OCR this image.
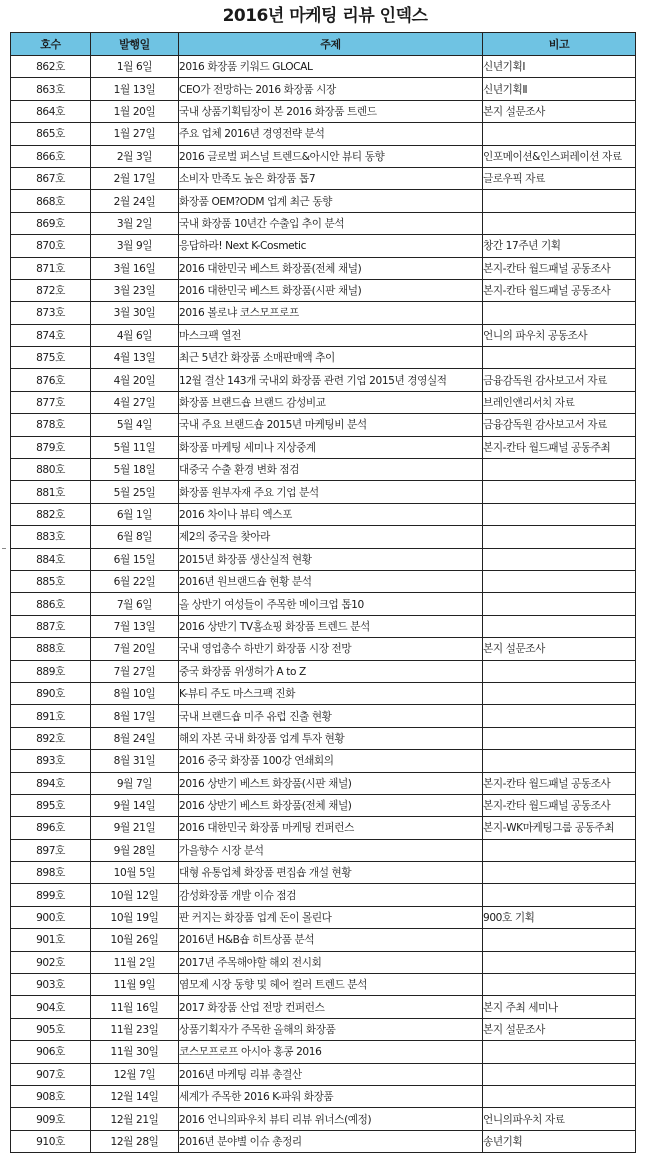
2016년 마케팅 리뷰 인덱스
호수	발행일	주제	비고
862호	1월 6일	2016 화장품 키워드 GLOCAL	신년기획Ⅰ
863호	1월 13일	CEO가 전망하는 2016 화장품 시장	신년기획Ⅱ
864호	1월 20일	국내 상품기획팀장이 본 2016 화장품 트렌드	본지 설문조사
865호	1월 27일	주요 업체 2016년 경영전략 분석	
866호	2월 3일	2016 글로벌 퍼스널 트렌드&아시안 뷰티 동향	인포메이션&인스퍼레이션 자료
867호	2월 17일	소비자 만족도 높은 화장품 톱7	글로우픽 자료
868호	2월 24일	화장품 OEM?ODM 업계 최근 동향	
869호	3월 2일	국내 화장품 10년간 수출입 추이 분석	
870호	3월 9일	응답하라! Next K-Cosmetic	창간 17주년 기획
871호	3월 16일	2016 대한민국 베스트 화장품(전체 채널)	본지-칸타 월드패널 공동조사
872호	3월 23일	2016 대한민국 베스트 화장품(시판 채널)	본지-칸타 월드패널 공동조사
873호	3월 30일	2016 볼로냐 코스모프로프	
874호	4월 6일	마스크팩 열전	언니의 파우치 공동조사
875호	4월 13일	최근 5년간 화장품 소매판매액 추이	
876호	4월 20일	12월 결산 143개 국내외 화장품 관련 기업 2015년 경영실적	금융감독원 감사보고서 자료
877호	4월 27일	화장품 브랜드숍 브랜드 감성비교	브레인앤리서치 자료
878호	5월 4일	국내 주요 브랜드숍 2015년 마케팅비 분석	금융감독원 감사보고서 자료
879호	5월 11일	화장품 마케팅 세미나 지상중계	본지-칸타 월드패널 공동주최
880호	5월 18일	대중국 수출 환경 변화 점검	
881호	5월 25일	화장품 원부자재 주요 기업 분석	
882호	6월 1일	2016 차이나 뷰티 엑스포	
883호	6월 8일	제2의 중국을 찾아라	
884호	6월 15일	2015년 화장품 생산실적 현황	
885호	6월 22일	2016년 원브랜드숍 현황 분석	
886호	7월 6일	올 상반기 여성들이 주목한 메이크업 톱10	
887호	7월 13일	2016 상반기 TV홈쇼핑 화장품 트렌드 분석	
888호	7월 20일	국내 영업총수 하반기 화장품 시장 전망	본지 설문조사
889호	7월 27일	중국 화장품 위생허가 A to Z	
890호	8월 10일	K-뷰티 주도 마스크팩 진화	
891호	8월 17일	국내 브랜드숍 미주 유럽 진출 현황	
892호	8월 24일	해외 자본 국내 화장품 업계 투자 현황	
893호	8월 31일	2016 중국 화장품 100강 연쇄회의	
894호	9월 7일	2016 상반기 베스트 화장품(시판 채널)	본지-칸타 월드패널 공동조사
895호	9월 14일	2016 상반기 베스트 화장품(전체 채널)	본지-칸타 월드패널 공동조사
896호	9월 21일	2016 대한민국 화장품 마케팅 컨퍼런스	본지-WK마케팅그룹 공동주최
897호	9월 28일	가을향수 시장 분석	
898호	10월 5일	대형 유통업체 화장품 편집숍 개설 현황	
899호	10월 12일	감성화장품 개발 이슈 점검	
900호	10월 19일	판 커지는 화장품 업계 돈이 몰린다	900호 기획
901호	10월 26일	2016년 H&B숍 히트상품 분석	
902호	11월 2일	2017년 주목해야할 해외 전시회	
903호	11월 9일	염모제 시장 동향 및 헤어 컬러 트렌드 분석	
904호	11월 16일	2017 화장품 산업 전망 컨퍼런스	본지 주최 세미나
905호	11월 23일	상품기획자가 주목한 올해의 화장품	본지 설문조사
906호	11월 30일	코스모프로프 아시아 홍콩 2016	
907호	12월 7일	2016년 마케팅 리뷰 총결산	
908호	12월 14일	세계가 주목한 2016 K-파워 화장품	
909호	12월 21일	2016 언니의파우치 뷰티 리뷰 위너스(예정)	언니의파우치 자료
910호	12월 28일	2016년 분야별 이슈 총정리	송년기획
